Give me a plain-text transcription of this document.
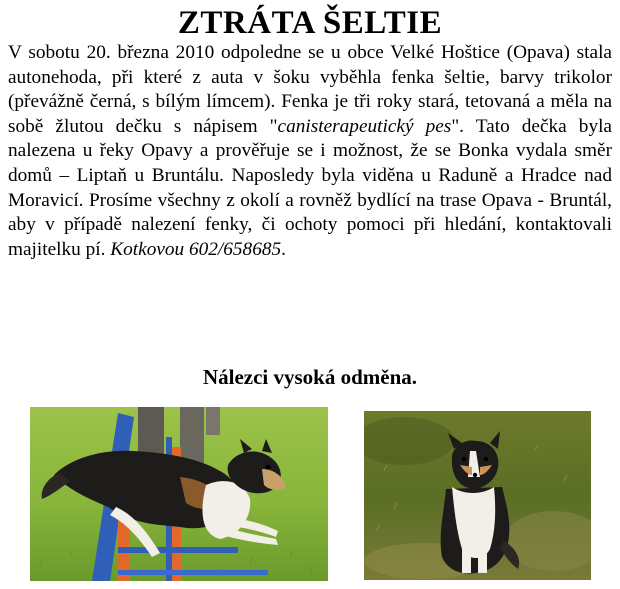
ZTRÁTA ŠELTIE
V sobotu 20. března 2010 odpoledne se u obce Velké Hoštice (Opava) stala autonehoda, při které z auta v šoku vyběhla fenka šeltie, barvy trikolor (převážně černá, s bílým límcem). Fenka je tři roky stará, tetovaná a měla na sobě žlutou dečku s nápisem "canisterapeutický pes". Tato dečka byla nalezena u řeky Opavy a prověřuje se i možnost, že se Bonka vydala směr domů – Liptaň u Bruntálu. Naposledy byla viděna u Raduně a Hradce nad Moravicí. Prosíme všechny z okolí a rovněž bydlící na trase Opava - Bruntál, aby v případě nalezení fenky, či ochoty pomoci při hledání, kontaktovali majitelku pí. Kotkovou 602/658685.
Nálezci vysoká odměna.
